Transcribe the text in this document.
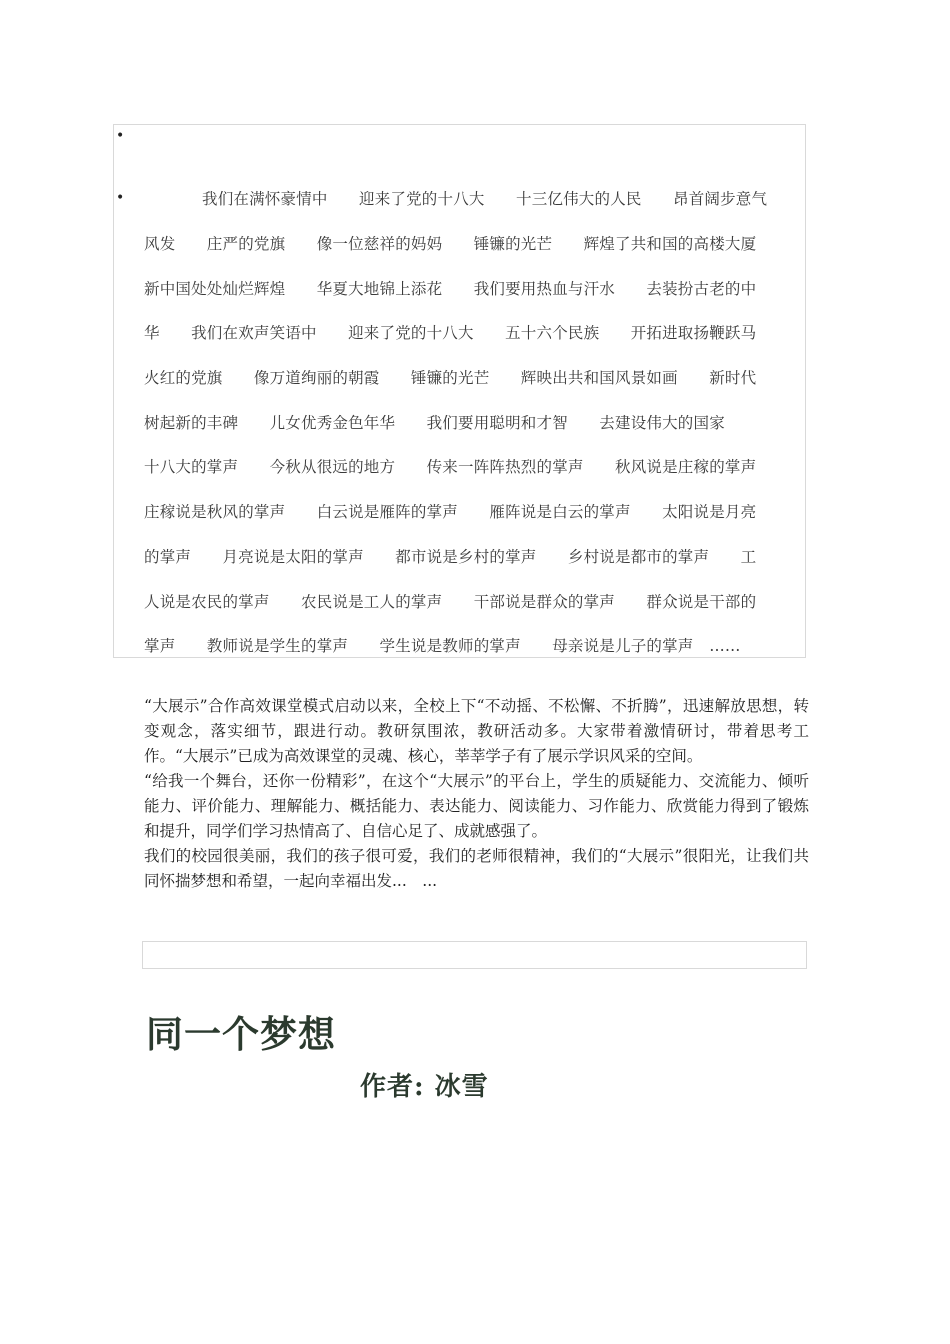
•
•	我们在满怀豪情中　　迎来了党的十八大　　十三亿伟大的人民　　昂首阔步意气
风发　　庄严的党旗　　像一位慈祥的妈妈　　锤镰的光芒　　辉煌了共和国的高楼大厦
新中国处处灿烂辉煌　　华夏大地锦上添花　　我们要用热血与汗水　　去装扮古老的中
华　　我们在欢声笑语中　　迎来了党的十八大　　五十六个民族　　开拓进取扬鞭跃马
火红的党旗　　像万道绚丽的朝霞　　锤镰的光芒　　辉映出共和国风景如画　　新时代
树起新的丰碑　　儿女优秀金色年华　　我们要用聪明和才智　　去建设伟大的国家
十八大的掌声　　今秋从很远的地方　　传来一阵阵热烈的掌声　　秋风说是庄稼的掌声
庄稼说是秋风的掌声　　白云说是雁阵的掌声　　雁阵说是白云的掌声　　太阳说是月亮
的掌声　　月亮说是太阳的掌声　　都市说是乡村的掌声　　乡村说是都市的掌声　　工
人说是农民的掌声　　农民说是工人的掌声　　干部说是群众的掌声　　群众说是干部的
掌声　　教师说是学生的掌声　　学生说是教师的掌声　　母亲说是儿子的掌声　……

“大展示”合作高效课堂模式启动以来，全校上下“不动摇、不松懈、不折腾”，迅速解放思想，转变观念，落实细节，跟进行动。教研氛围浓，教研活动多。大家带着激情研讨，带着思考工作。“大展示”已成为高效课堂的灵魂、核心，莘莘学子有了展示学识风采的空间。

“给我一个舞台，还你一份精彩”，在这个“大展示”的平台上，学生的质疑能力、交流能力、倾听能力、评价能力、理解能力、概括能力、表达能力、阅读能力、习作能力、欣赏能力得到了锻炼和提升，同学们学习热情高了、自信心足了、成就感强了。

我们的校园很美丽，我们的孩子很可爱，我们的老师很精神，我们的“大展示”很阳光，让我们共同怀揣梦想和希望，一起向幸福出发...　...

同一个梦想
作者: 冰雪
